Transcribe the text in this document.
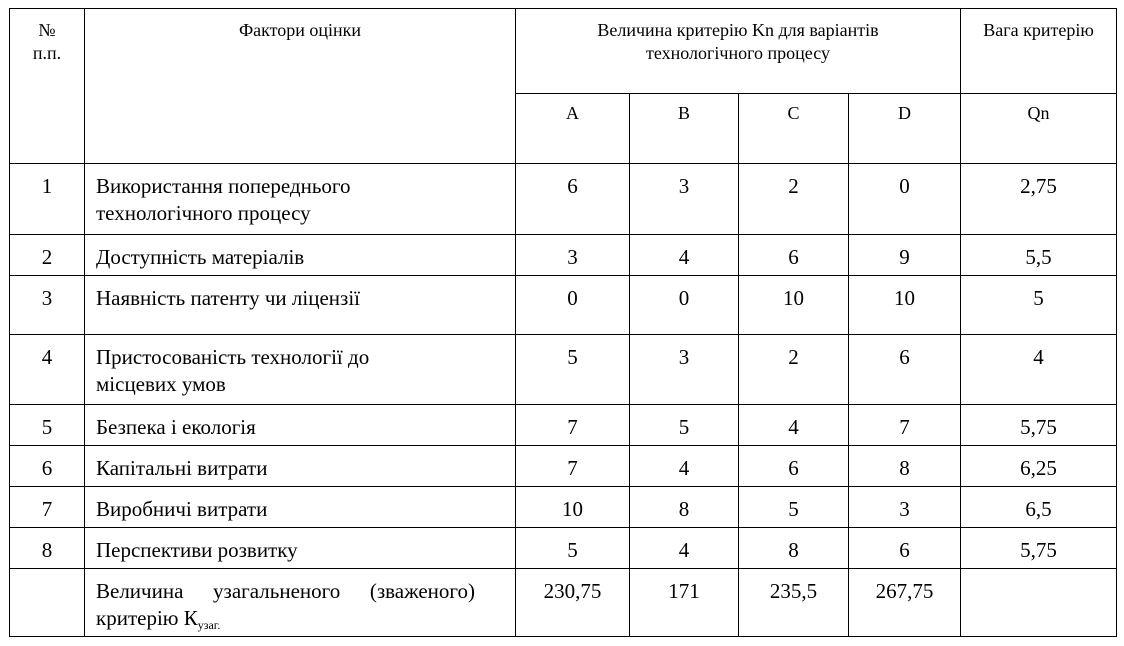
№ п.п.	Фактори оцінки	Величина критерію Kn для варіантів технологічного процесу				Вага критерію
		A	B	C	D	Qn
1	Використання попереднього технологічного процесу	6	3	2	0	2,75
2	Доступність матеріалів	3	4	6	9	5,5
3	Наявність патенту чи ліцензії	0	0	10	10	5
4	Пристосованість технології до місцевих умов	5	3	2	6	4
5	Безпека і екологія	7	5	4	7	5,75
6	Капітальні витрати	7	4	6	8	6,25
7	Виробничі витрати	10	8	5	3	6,5
8	Перспективи розвитку	5	4	8	6	5,75
	Величина узагальненого (зваженого) критерію $К_{узаг.}$	230,75	171	235,5	267,75	
